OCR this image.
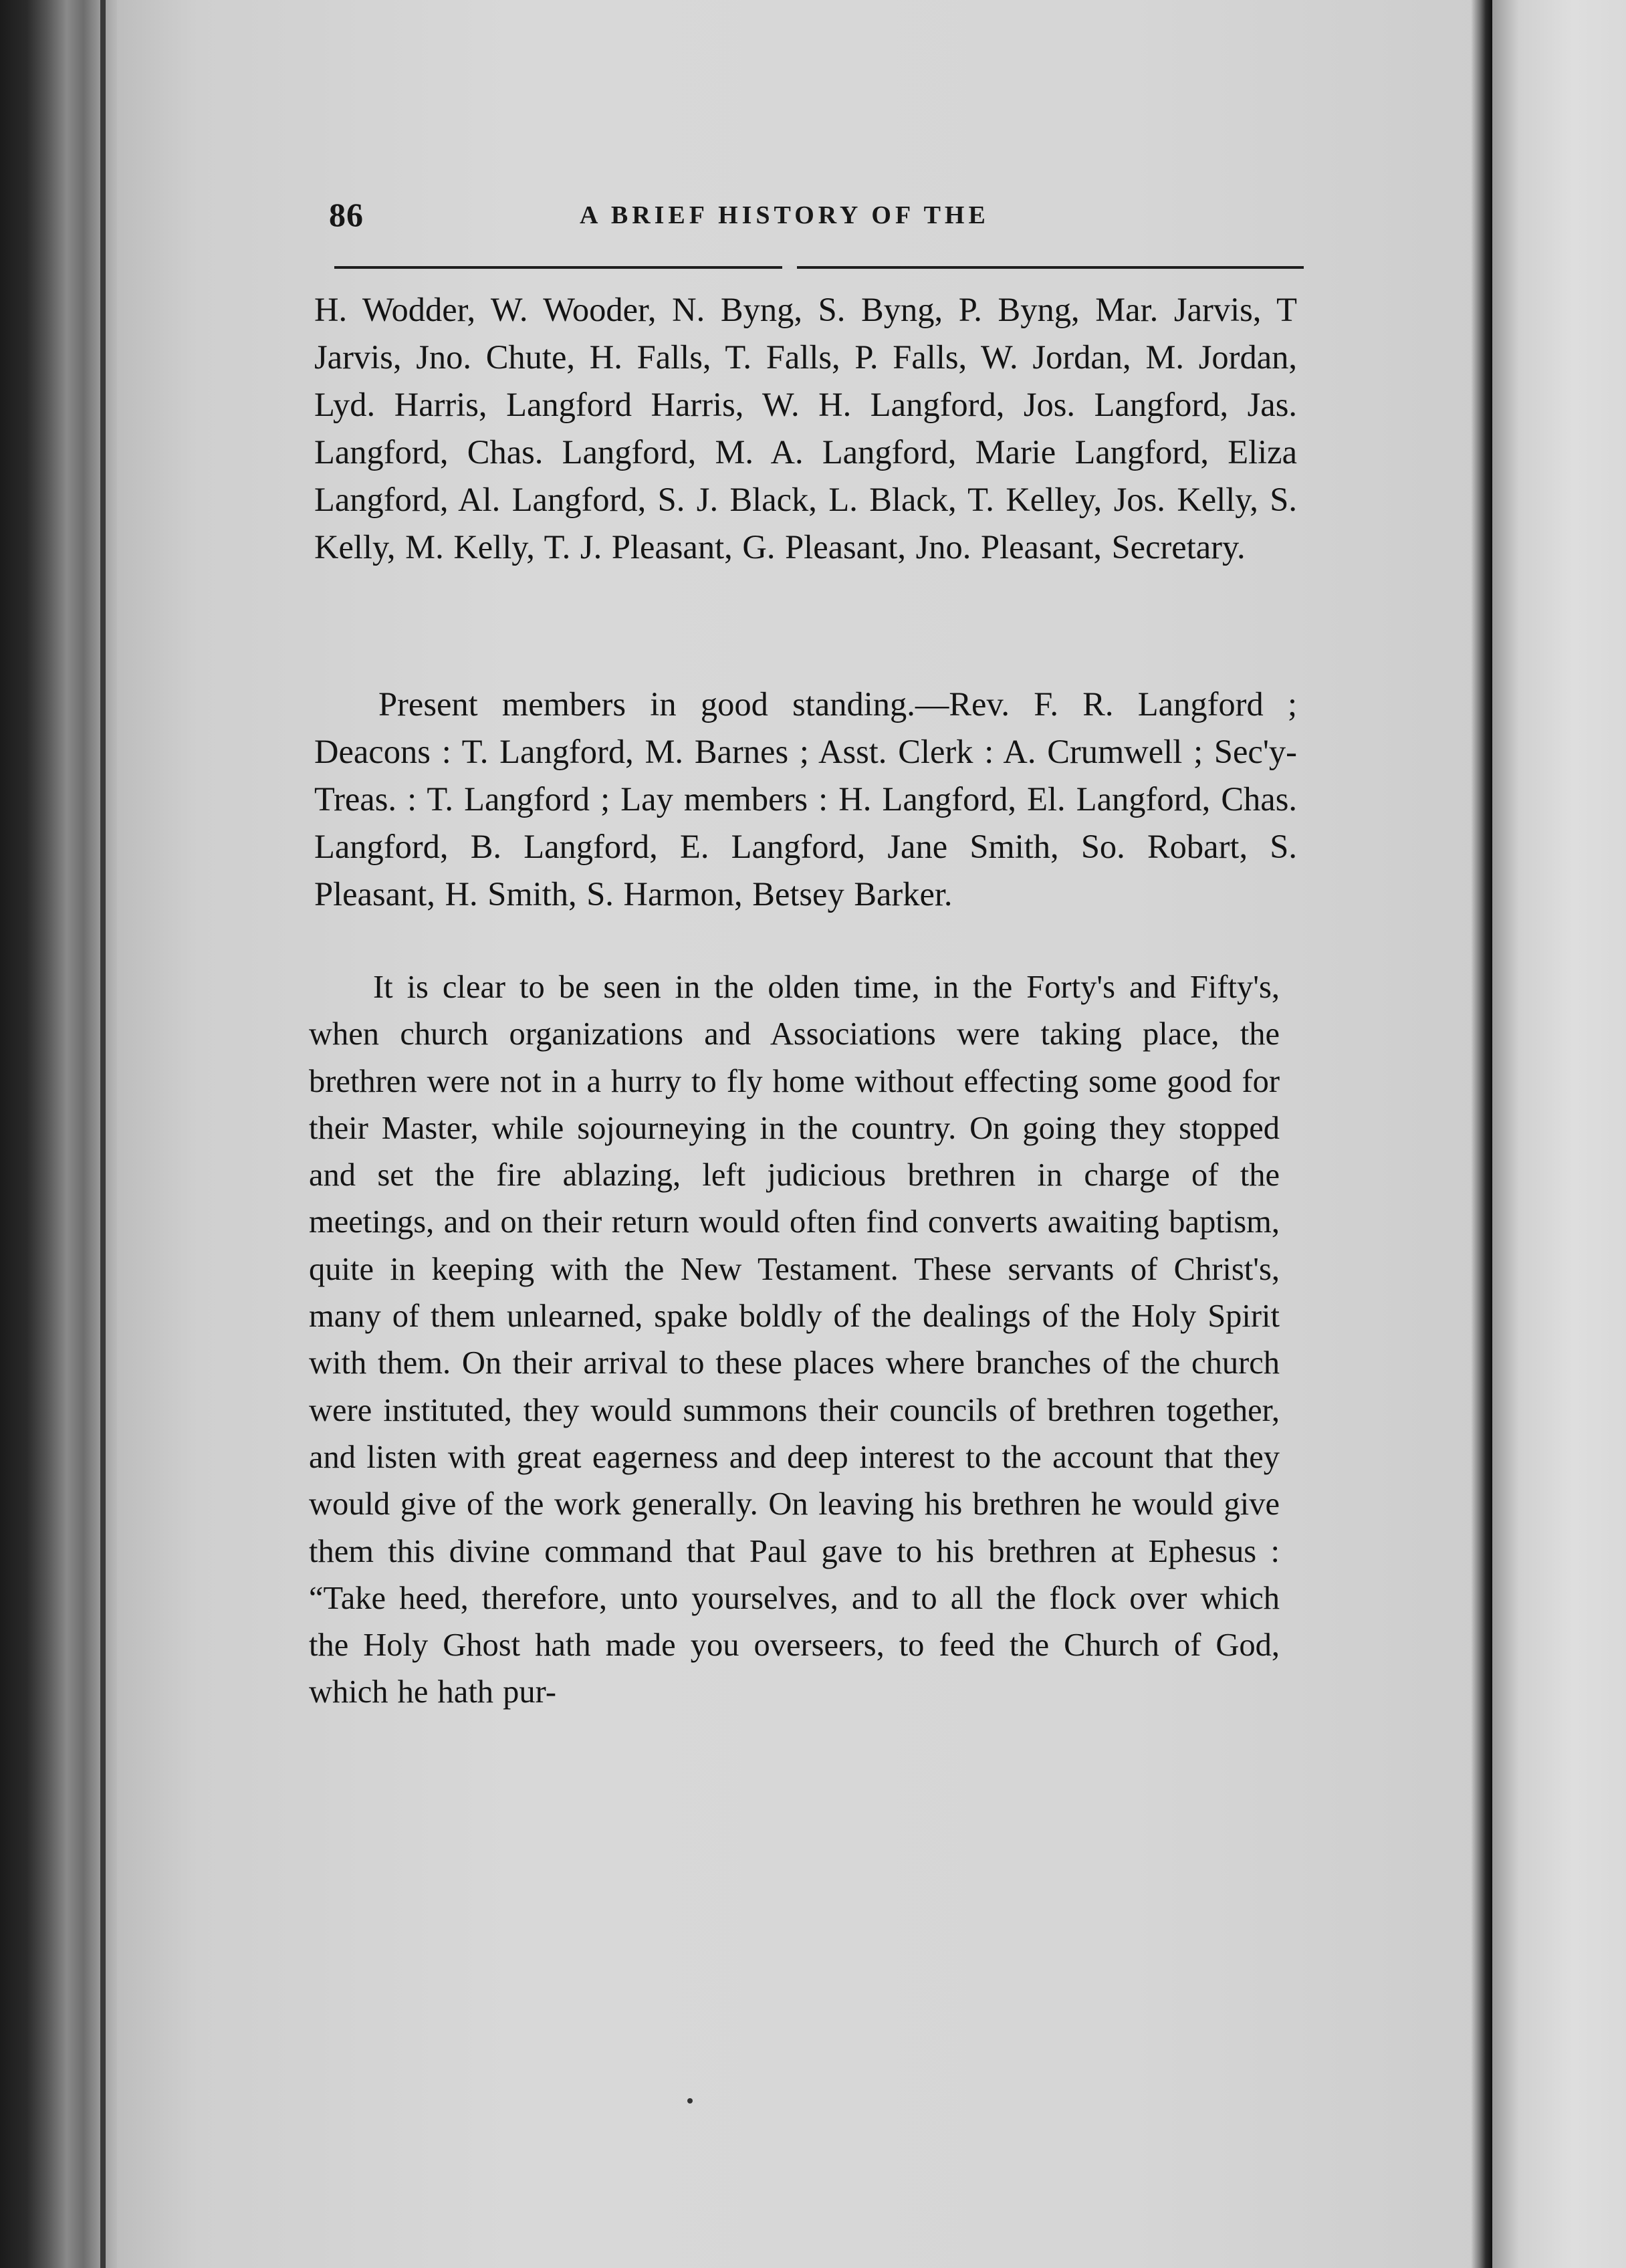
86	A BRIEF HISTORY OF THE

H. Wodder, W. Wooder, N. Byng, S. Byng, P. Byng, Mar. Jarvis, T Jarvis, Jno. Chute, H. Falls, T. Falls, P. Falls, W. Jordan, M. Jordan, Lyd. Harris, Langford Harris, W. H. Langford, Jos. Langford, Jas. Langford, Chas. Langford, M. A. Langford, Marie Langford, Eliza Langford, Al. Langford, S. J. Black, L. Black, T. Kelley, Jos. Kelly, S. Kelly, M. Kelly, T. J. Pleasant, G. Pleasant, Jno. Pleasant, Secretary.

Present members in good standing.—Rev. F. R. Langford ; Deacons : T. Langford, M. Barnes ; Asst. Clerk : A. Crumwell ; Sec'y-Treas. : T. Langford ; Lay members : H. Langford, El. Langford, Chas. Langford, B. Langford, E. Langford, Jane Smith, So. Robart, S. Pleasant, H. Smith, S. Harmon, Betsey Barker.

It is clear to be seen in the olden time, in the Forty's and Fifty's, when church organizations and Associations were taking place, the brethren were not in a hurry to fly home without effecting some good for their Master, while sojourneying in the country. On going they stopped and set the fire ablazing, left judicious brethren in charge of the meetings, and on their return would often find converts awaiting baptism, quite in keeping with the New Testament. These servants of Christ's, many of them unlearned, spake boldly of the dealings of the Holy Spirit with them. On their arrival to these places where branches of the church were instituted, they would summons their councils of brethren together, and listen with great eagerness and deep interest to the account that they would give of the work generally. On leaving his brethren he would give them this divine command that Paul gave to his brethren at Ephesus : “Take heed, therefore, unto yourselves, and to all the flock over which the Holy Ghost hath made you overseers, to feed the Church of God, which he hath pur-
